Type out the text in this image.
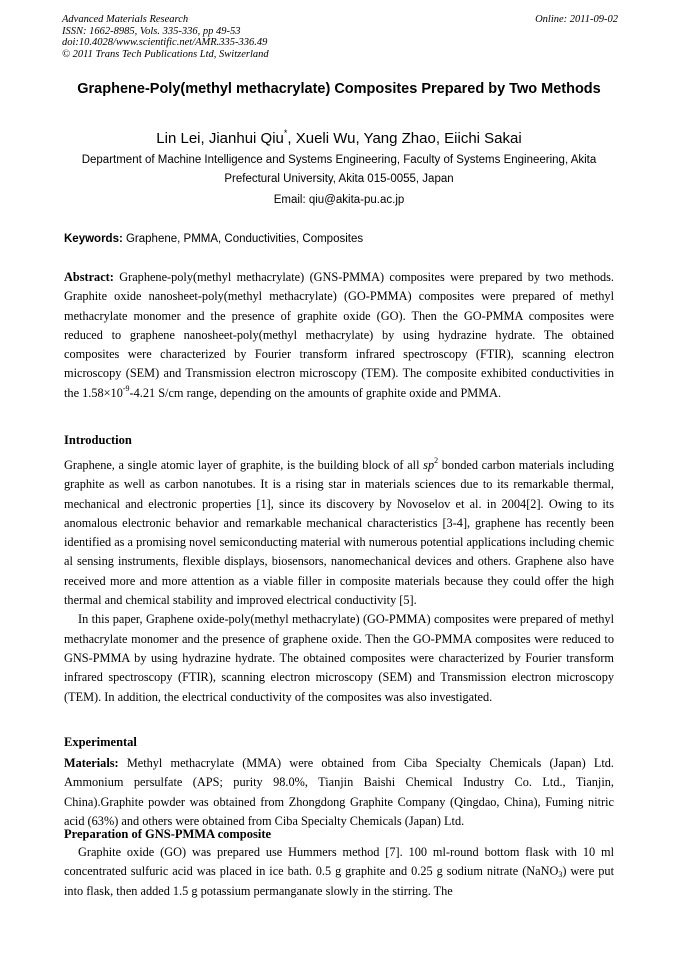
Advanced Materials Research
ISSN: 1662-8985, Vols. 335-336, pp 49-53
doi:10.4028/www.scientific.net/AMR.335-336.49
© 2011 Trans Tech Publications Ltd, Switzerland
Online: 2011-09-02
Graphene-Poly(methyl methacrylate) Composites Prepared by Two Methods
Lin Lei, Jianhui Qiu*, Xueli Wu, Yang Zhao, Eiichi Sakai
Department of Machine Intelligence and Systems Engineering, Faculty of Systems Engineering, Akita Prefectural University, Akita 015-0055, Japan
Email: qiu@akita-pu.ac.jp
Keywords: Graphene, PMMA, Conductivities, Composites
Abstract: Graphene-poly(methyl methacrylate) (GNS-PMMA) composites were prepared by two methods. Graphite oxide nanosheet-poly(methyl methacrylate) (GO-PMMA) composites were prepared of methyl methacrylate monomer and the presence of graphite oxide (GO). Then the GO-PMMA composites were reduced to graphene nanosheet-poly(methyl methacrylate) by using hydrazine hydrate. The obtained composites were characterized by Fourier transform infrared spectroscopy (FTIR), scanning electron microscopy (SEM) and Transmission electron microscopy (TEM). The composite exhibited conductivities in the $1.58\times 10^{-9}-4.21$ S/cm range, depending on the amounts of graphite oxide and PMMA.
Introduction

Graphene, a single atomic layer of graphite, is the building block of all $sp^2$ bonded carbon materials including graphite as well as carbon nanotubes. It is a rising star in materials sciences due to its remarkable thermal, mechanical and electronic properties [1], since its discovery by Novoselov et al. in 2004[2]. Owing to its anomalous electronic behavior and remarkable mechanical characteristics [3-4], graphene has recently been identified as a promising novel semiconducting material with numerous potential applications including chemic al sensing instruments, flexible displays, biosensors, nanomechanical devices and others. Graphene also have received more and more attention as a viable filler in composite materials because they could offer the high thermal and chemical stability and improved electrical conductivity [5].

In this paper, Graphene oxide-poly(methyl methacrylate) (GO-PMMA) composites were prepared of methyl methacrylate monomer and the presence of graphene oxide. Then the GO-PMMA composites were reduced to GNS-PMMA by using hydrazine hydrate. The obtained composites were characterized by Fourier transform infrared spectroscopy (FTIR), scanning electron microscopy (SEM) and Transmission electron microscopy (TEM). In addition, the electrical conductivity of the composites was also investigated.

Experimental
Materials: Methyl methacrylate (MMA) were obtained from Ciba Specialty Chemicals (Japan) Ltd. Ammonium persulfate (APS; purity 98.0%, Tianjin Baishi Chemical Industry Co. Ltd., Tianjin, China).Graphite powder was obtained from Zhongdong Graphite Company (Qingdao, China), Fuming nitric acid (63%) and others were obtained from Ciba Specialty Chemicals (Japan) Ltd.
Preparation of GNS-PMMA composite
Graphite oxide (GO) was prepared use Hummers method [7]. 100 ml-round bottom flask with 10 ml concentrated sulfuric acid was placed in ice bath. 0.5 g graphite and 0.25 g sodium nitrate (NaNO$_3$) were put into flask, then added 1.5 g potassium permanganate slowly in the stirring. The
